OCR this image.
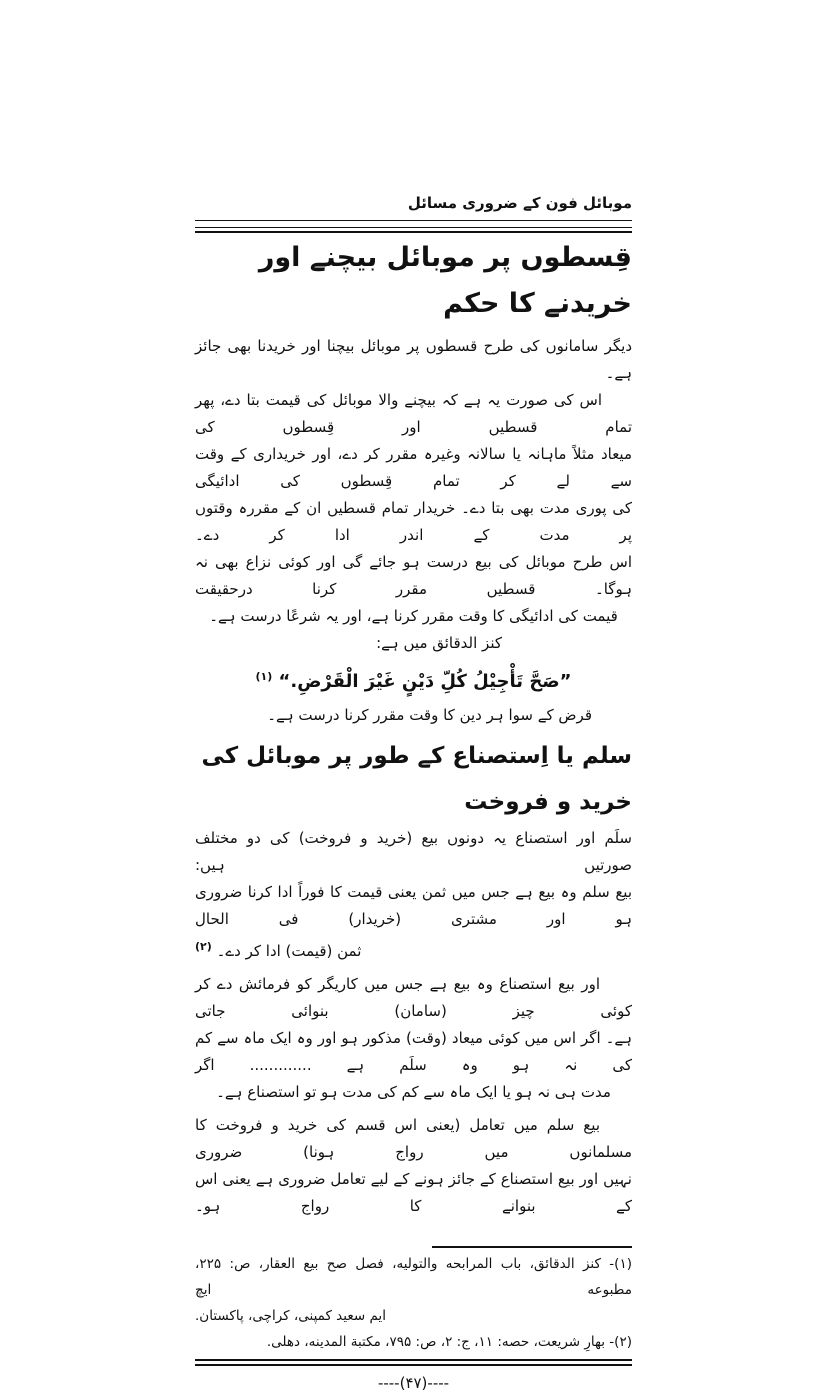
موبائل فون کے ضروری مسائل
قِسطوں پر موبائل بیچنے اور خریدنے کا حکم
دیگر سامانوں کی طرح قسطوں پر موبائل بیچنا اور خریدنا بھی جائز ہے۔
اس کی صورت یہ ہے کہ بیچنے والا موبائل کی قیمت بتا دے، پھر تمام قسطیں اور قِسطوں کی
میعاد مثلاً ماہانہ یا سالانہ وغیرہ مقرر کر دے، اور خریداری کے وقت سے لے کر تمام قِسطوں کی ادائیگی
کی پوری مدت بھی بتا دے۔ خریدار تمام قسطیں ان کے مقررہ وقتوں پر مدت کے اندر ادا کر دے۔
اس طرح موبائل کی بیع درست ہو جائے گی اور کوئی نزاع بھی نہ ہوگا۔ قسطیں مقرر کرنا درحقیقت
قیمت کی ادائیگی کا وقت مقرر کرنا ہے، اور یہ شرعًا درست ہے۔
کنز الدقائق میں ہے:
”صَحَّ تَأْجِيْلُ كُلِّ دَيْنٍ غَيْرَ الْقَرْضِ.“ $^{(۱)}$
قرض کے سوا ہر دین کا وقت مقرر کرنا درست ہے۔
سلم یا اِستصناع کے طور پر موبائل کی خرید و فروخت
سلَم اور استصناع یہ دونوں بیع (خرید و فروخت) کی دو مختلف صورتیں ہیں:
بیع سلم وہ بیع ہے جس میں ثمن یعنی قیمت کا فوراً ادا کرنا ضروری ہو اور مشتری (خریدار) فی الحال
ثمن (قیمت) ادا کر دے۔ $^{(۲)}$
اور بیع استصناع وہ بیع ہے جس میں کاریگر کو فرمائش دے کر کوئی چیز (سامان) بنوائی جاتی
ہے۔ اگر اس میں کوئی میعاد (وقت) مذکور ہو اور وہ ایک ماہ سے کم کی نہ ہو وہ سلَم ہے ............. اگر
مدت ہی نہ ہو یا ایک ماہ سے کم کی مدت ہو تو استصناع ہے۔
بیع سلم میں تعامل (یعنی اس قسم کی خرید و فروخت کا مسلمانوں میں رواج ہونا) ضروری
نہیں اور بیع استصناع کے جائز ہونے کے لیے تعامل ضروری ہے یعنی اس کے بنوانے کا رواج ہو۔
(۱)- كنز الدقائق، باب المرابحه والتوليه، فصل صح بيع العقار، ص: ۲۲۵، مطبوعه ايچ
ايم سعيد كمپنى، كراچى، پاكستان.
(۲)- بهارِ شريعت، حصه: ۱۱، ج: ۲، ص: ۷۹۵، مكتبة المدينه، دهلى.
----(۴۷)----
